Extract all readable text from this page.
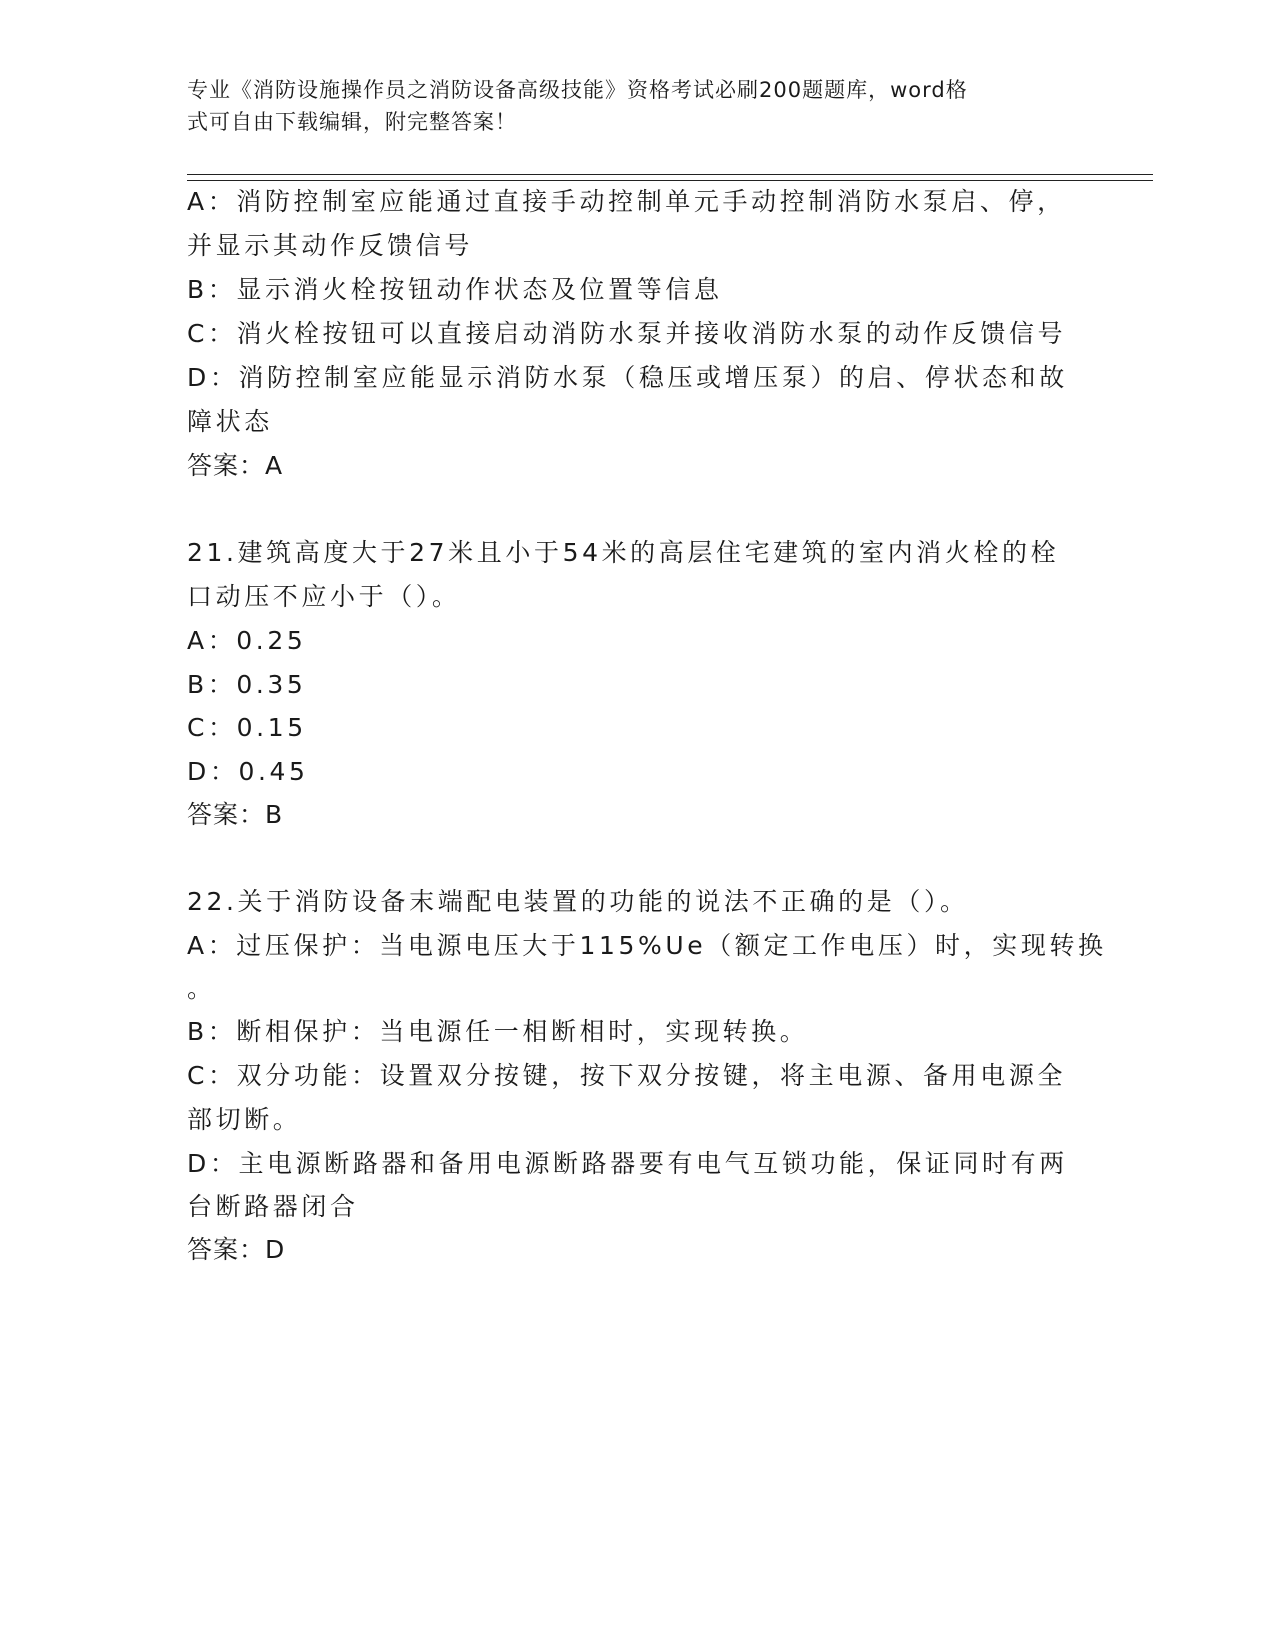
专业《消防设施操作员之消防设备高级技能》资格考试必刷200题题库，word格
式可自由下载编辑，附完整答案！
A：消防控制室应能通过直接手动控制单元手动控制消防水泵启、停，
并显示其动作反馈信号
B：显示消火栓按钮动作状态及位置等信息
C：消火栓按钮可以直接启动消防水泵并接收消防水泵的动作反馈信号
D：消防控制室应能显示消防水泵（稳压或增压泵）的启、停状态和故
障状态
答案：A
21.建筑高度大于27米且小于54米的高层住宅建筑的室内消火栓的栓
口动压不应小于（）。
A：0.25
B：0.35
C：0.15
D：0.45
答案：B
22.关于消防设备末端配电装置的功能的说法不正确的是（）。
A：过压保护：当电源电压大于115%Ue（额定工作电压）时，实现转换
。
B：断相保护：当电源任一相断相时，实现转换。
C：双分功能：设置双分按键，按下双分按键，将主电源、备用电源全
部切断。
D：主电源断路器和备用电源断路器要有电气互锁功能，保证同时有两
台断路器闭合
答案：D
